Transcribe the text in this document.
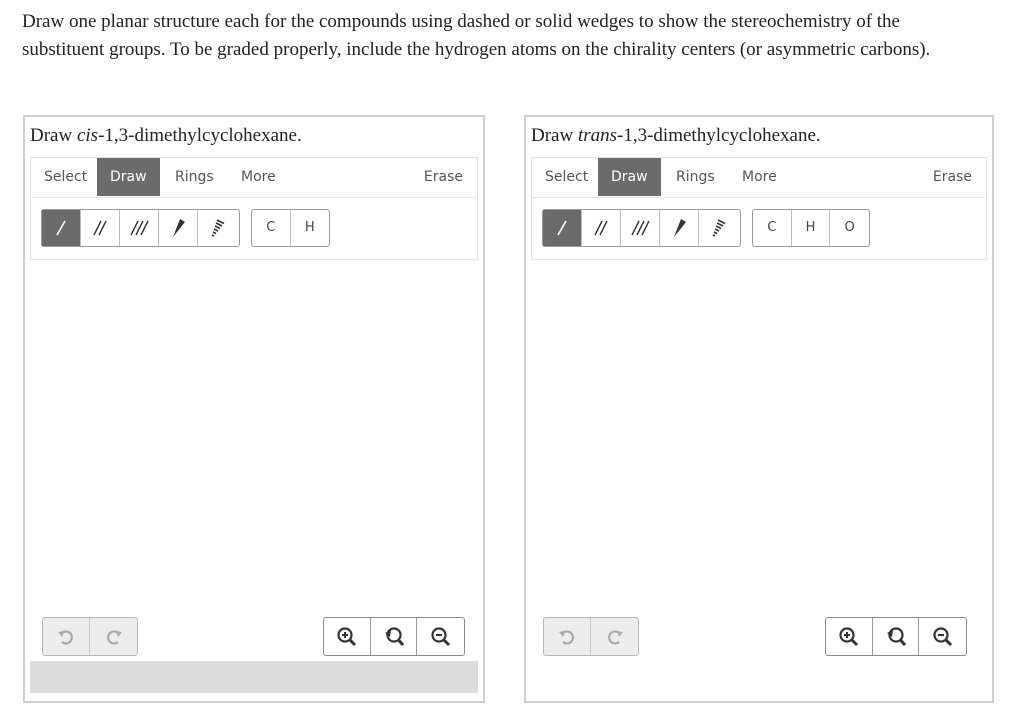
Draw one planar structure each for the compounds using dashed or solid wedges to show the stereochemistry of the

substituent groups. To be graded properly, include the hydrogen atoms on the chirality centers (or asymmetric carbons).

Draw cis-1,3-dimethylcyclohexane.
Select	Draw	Rings	More	Erase
C	H
Draw trans-1,3-dimethylcyclohexane.
Select	Draw	Rings	More	Erase
C	H	O
